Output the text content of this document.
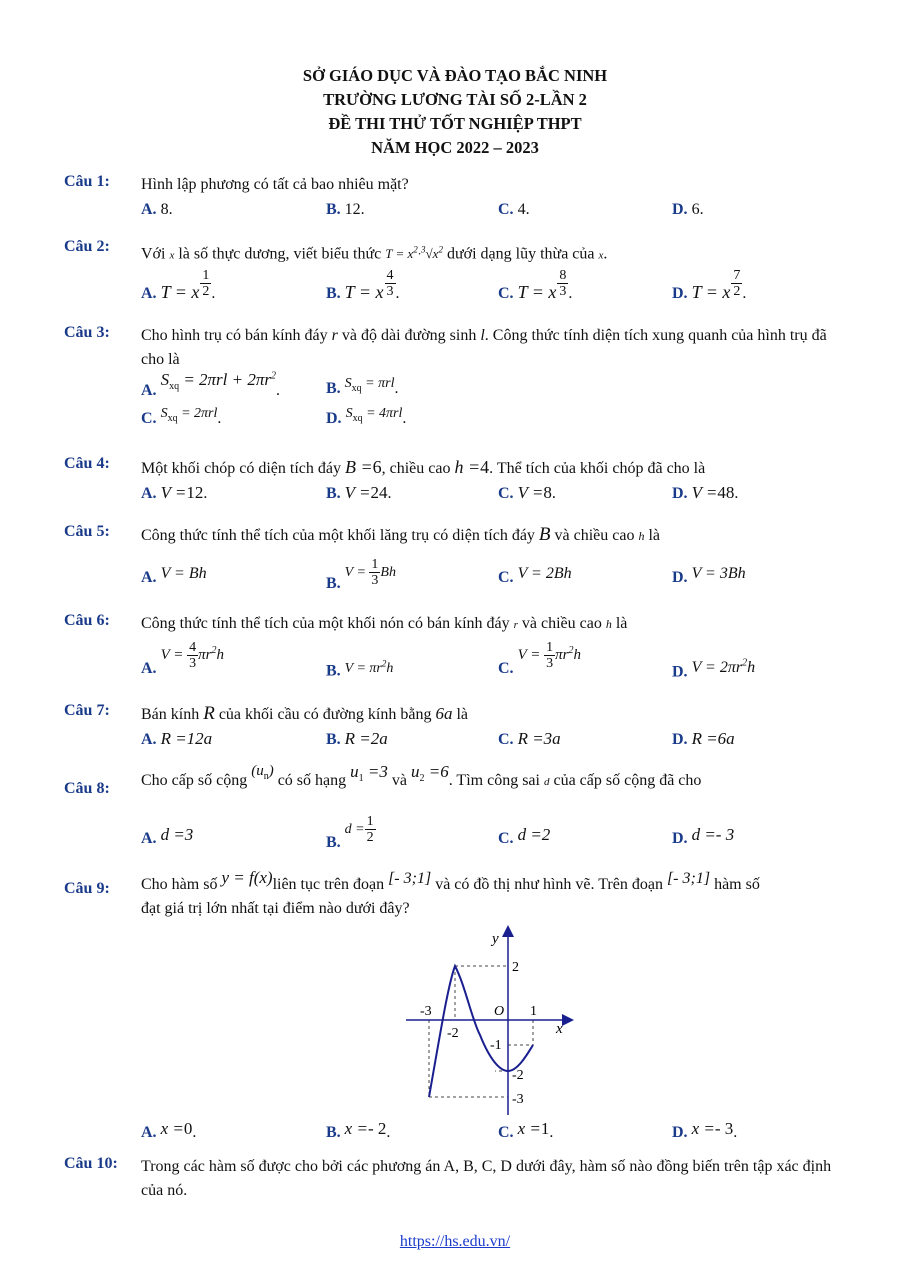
SỞ GIÁO DỤC VÀ ĐÀO TẠO BẮC NINH
TRƯỜNG LƯƠNG TÀI SỐ 2-LẦN 2
ĐỀ THI THỬ TỐT NGHIỆP THPT
NĂM HỌC 2022 – 2023
Câu 1: Hình lập phương có tất cả bao nhiêu mặt?
A. 8.	B. 12.	C. 4.	D. 6.
Câu 2: Với x là số thực dương, viết biểu thức $T = x^2\cdot^3√x^2$ dưới dạng lũy thừa của x.
A. T = x $^{\frac{1}{2}}$ .	B. T = x $^{\frac{4}{3}}$ .	C. T = x $^{\frac{8}{3}}$ .	D. T = x $^{\frac{7}{2}}$ .
Câu 3: Cho hình trụ có bán kính đáy r và độ dài đường sinh l. Công thức tính diện tích xung quanh của hình trụ đã cho là
A. $S_{xq} = 2\pi rl + 2\pi r^2$.	B. $S_{xq} = \pi rl$.
C. $S_{xq} = 2\pi rl$.	D. $S_{xq} = 4\pi rl$.
Câu 4: Một khối chóp có diện tích đáy B =6, chiều cao h =4. Thể tích của khối chóp đã cho là
A. V =12.	B. V =24.	C. V =8.	D. V =48.
Câu 5: Công thức tính thể tích của một khối lăng trụ có diện tích đáy B và chiều cao h là
A. V = Bh
B. $V = \frac{1}{3}$ Bh	C. V = 2Bh	D. V = 3Bh
Câu 6: Công thức tính thể tích của một khối nón có bán kính đáy r và chiều cao h là
A. $V = \frac{4}{3} \pi r^2h$
B. $V = \pi r^2h$	C. $V = \frac{1}{3} \pi r^2h$
D. $V = 2\pi r^2h$
Câu 7: Bán kính R của khối cầu có đường kính bằng 6a là
A. R =12a	B. R =2a	C. R =3a	D. R =6a
Câu 8: Cho cấp số cộng $(u_n)$ có số hạng $u_1 =3$ và $u_2 =6$. Tìm công sai d của cấp số cộng đã cho
A. d =3	B. $d = \frac{1}{2}$	C. d =2	D. d =- 3
Câu 9: Cho hàm số y = f(x)liên tục trên đoạn [- 3;1] và có đồ thị như hình vẽ. Trên đoạn [- 3;1] hàm số
đạt giá trị lớn nhất tại điểm nào dưới đây?
A. x =0.	B. x =- 2.	C. x =1.	D. x =- 3.
y
x
O
2
-3	1
-2
-1
-2
-3
Câu 10: Trong các hàm số được cho bởi các phương án A, B, C, D dưới đây, hàm số nào đồng biến trên tập xác định của nó.
https://hs.edu.vn/
